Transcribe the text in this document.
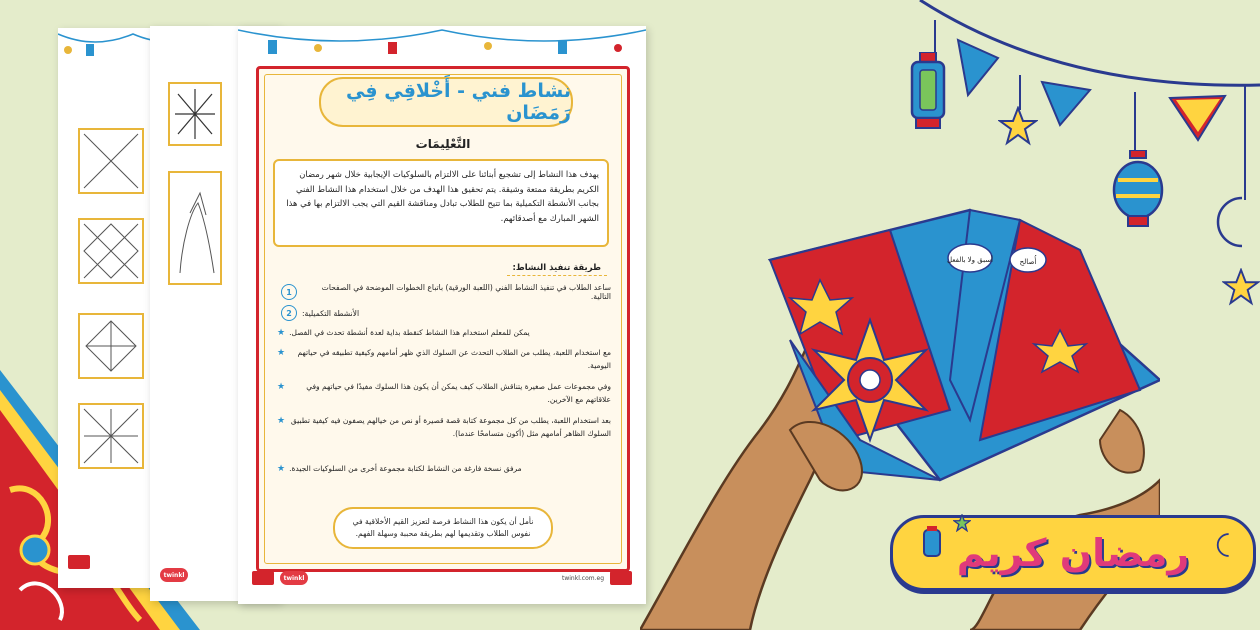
twinkl
نشاط فني - أَخْلاقِي فِي رَمَضَان
التَّعْلِيمَات
يهدف هذا النشاط إلى تشجيع أبنائنا على الالتزام بالسلوكيات الإيجابية خلال شهر رمضان الكريم بطريقة ممتعة وشيقة. يتم تحقيق هذا الهدف من خلال استخدام هذا النشاط الفني بجانب الأنشطة التكميلية بما تتيح للطلاب تبادل ومناقشة القيم التي يجب الالتزام بها في هذا الشهر المبارك مع أصدقائهم.
طريقة تنفيذ النشاط:
1	ساعد الطلاب في تنفيذ النشاط الفني (اللعبة الورقية) باتباع الخطوات الموضحة في الصفحات التالية.
2	الأنشطة التكميلية:
★ يمكن للمعلم استخدام هذا النشاط كنقطة بداية لعدة أنشطة تحدث في الفصل.
★	مع استخدام اللعبة، يطلب من الطلاب التحدث عن السلوك الذي ظهر أمامهم وكيفية تطبيقه في حياتهم اليومية.
★	وفي مجموعات عمل صغيرة يتناقش الطلاب كيف يمكن أن يكون هذا السلوك مفيدًا في حياتهم وفي علاقاتهم مع الآخرين.
★ بعد استخدام اللعبة، يطلب من كل مجموعة كتابة قصة قصيرة أو نص من خيالهم يصفون فيه كيفية تطبيق السلوك الظاهر أمامهم مثل (أكون متسامحًا عندما).
★ مرفق نسخة فارغة من النشاط لكتابة مجموعة أخرى من السلوكيات الجيدة.
نأمل أن يكون هذا النشاط فرصة لتعزيز القيم الأخلاقية في نفوس الطلاب وتقديمها لهم بطريقة محببة وسهلة الفهم.
twinkl	twinkl.com.eg
أسبق ولا بالفعل	أُصالح
رمضان كريم
